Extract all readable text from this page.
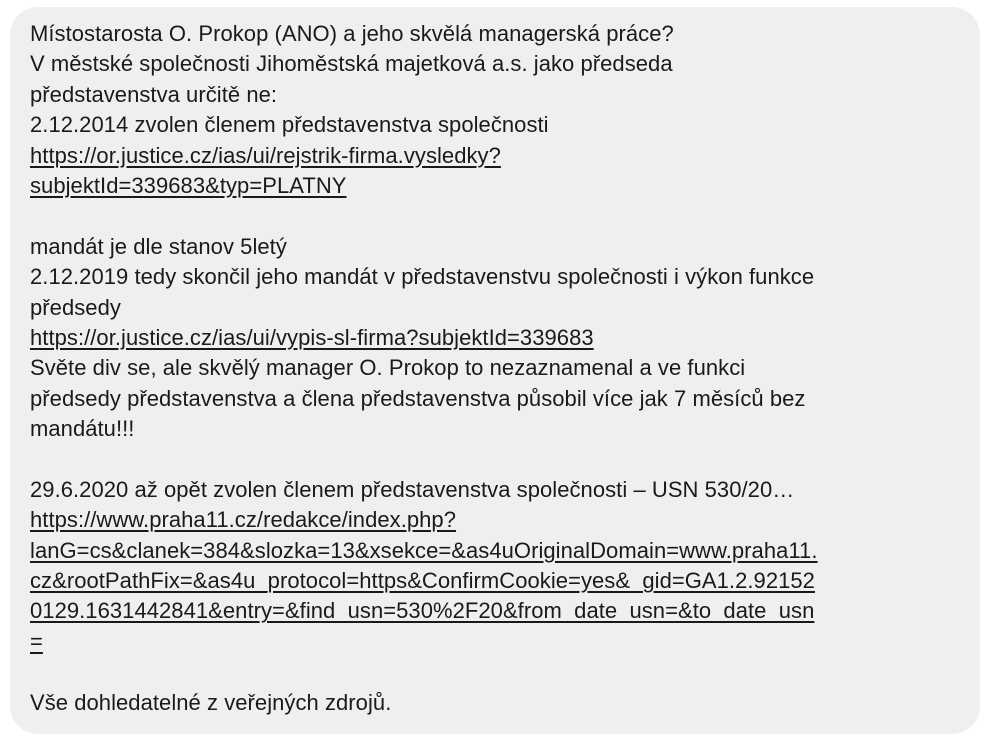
Místostarosta O. Prokop (ANO) a jeho skvělá managerská práce?
V městské společnosti Jihoměstská majetková a.s. jako předseda
představenstva určitě ne:
2.12.2014 zvolen členem představenstva společnosti
https://or.justice.cz/ias/ui/rejstrik-firma.vysledky?
subjektId=339683&typ=PLATNY
mandát je dle stanov 5letý
2.12.2019 tedy skončil jeho mandát v představenstvu společnosti i výkon funkce
předsedy
https://or.justice.cz/ias/ui/vypis-sl-firma?subjektId=339683
Světe div se, ale skvělý manager O. Prokop to nezaznamenal a ve funkci
předsedy představenstva a člena představenstva působil více jak 7 měsíců bez
mandátu!!!
29.6.2020 až opět zvolen členem představenstva společnosti – USN 530/20…
https://www.praha11.cz/redakce/index.php?
lanG=cs&clanek=384&slozka=13&xsekce=&as4uOriginalDomain=www.praha11.
cz&rootPathFix=&as4u_protocol=https&ConfirmCookie=yes&_gid=GA1.2.92152
0129.1631442841&entry=&find_usn=530%2F20&from_date_usn=&to_date_usn
=
Vše dohledatelné z veřejných zdrojů.
